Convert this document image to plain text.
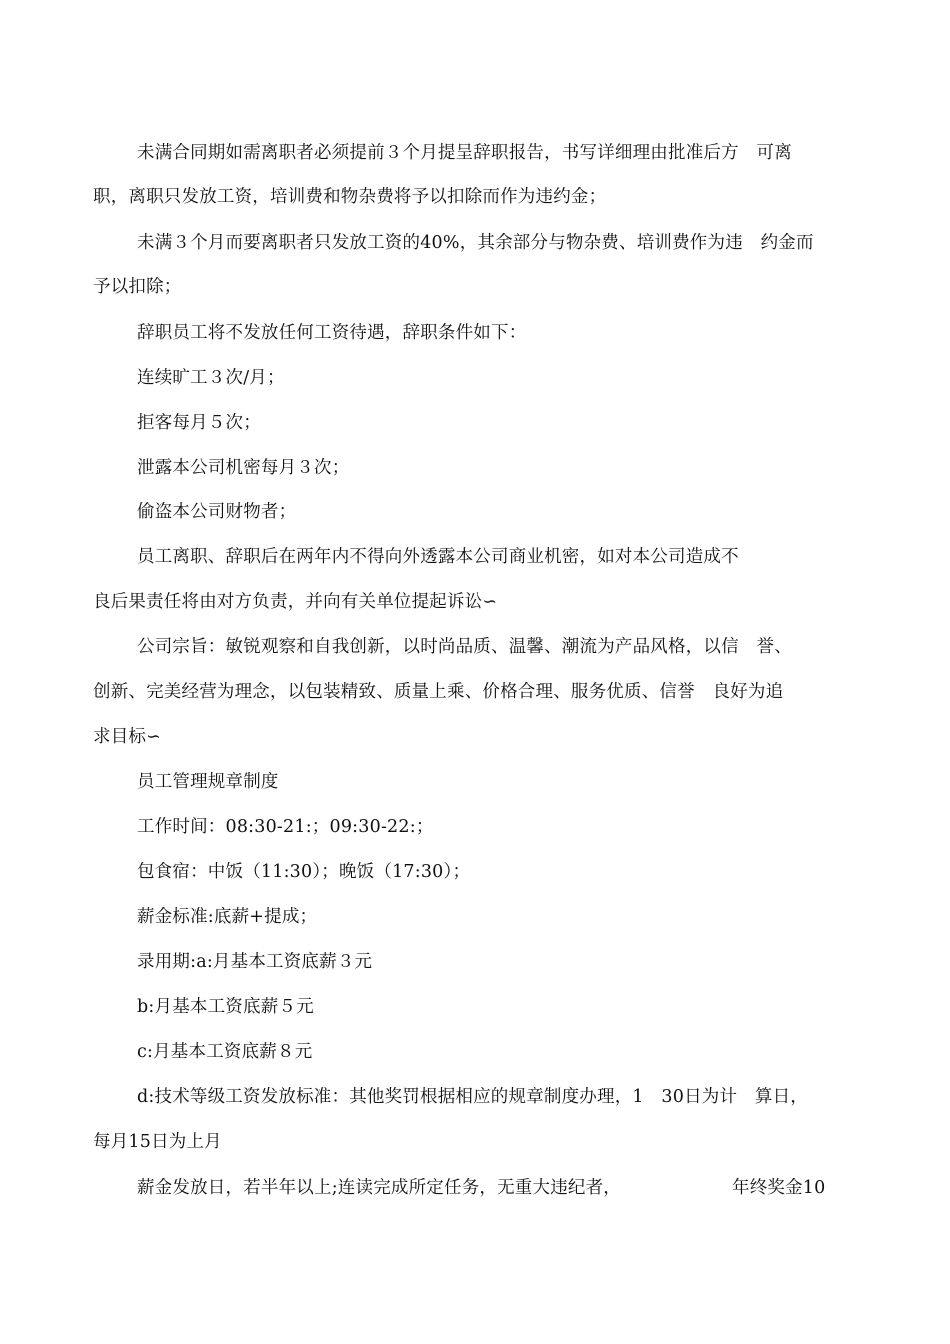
未满合同期如需离职者必须提前３个月提呈辞职报告，书写详细理由批准后方　可离
职，离职只发放工资，培训费和物杂费将予以扣除而作为违约金；
未满３个月而要离职者只发放工资的40%，其余部分与物杂费、培训费作为违　约金而
予以扣除；
辞职员工将不发放任何工资待遇，辞职条件如下：
连续旷工３次/月；
拒客每月５次；
泄露本公司机密每月３次；
偷盗本公司财物者；
员工离职、辞职后在两年内不得向外透露本公司商业机密，如对本公司造成不
良后果责任将由对方负责，并向有关单位提起诉讼∽
公司宗旨：敏锐观察和自我创新，以时尚品质、温馨、潮流为产品风格，以信　誉、
创新、完美经营为理念，以包装精致、质量上乘、价格合理、服务优质、信誉　良好为追
求目标∽
员工管理规章制度
工作时间：08:30-21:；09:30-22:；
包食宿：中饭（11:30）；晚饭（17:30）；
薪金标准:底薪+提成；
录用期:a:月基本工资底薪３元
b:月基本工资底薪５元
c:月基本工资底薪８元
d:技术等级工资发放标准：其他奖罚根据相应的规章制度办理，1　30日为计　算日，
每月15日为上月
薪金发放日，若半年以上;连读完成所定任务，无重大违纪者，	年终奖金10
